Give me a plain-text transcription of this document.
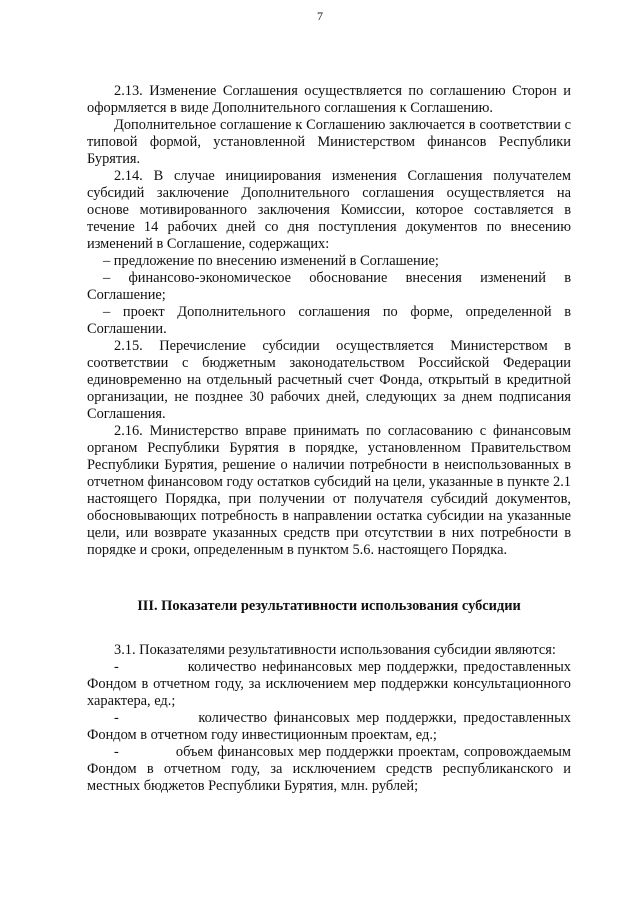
7

2.13. Изменение Соглашения осуществляется по соглашению Сторон и оформляется в виде Дополнительного соглашения к Соглашению.

Дополнительное соглашение к Соглашению заключается в соответствии с типовой формой, установленной Министерством финансов Республики Бурятия.

2.14. В случае инициирования изменения Соглашения получателем субсидий заключение Дополнительного соглашения осуществляется на основе мотивированного заключения Комиссии, которое составляется в течение 14 рабочих дней со дня поступления документов по внесению изменений в Соглашение, содержащих:

– предложение по внесению изменений в Соглашение;

– финансово-экономическое обоснование внесения изменений в Соглашение;

– проект Дополнительного соглашения по форме, определенной в Соглашении.

2.15. Перечисление субсидии осуществляется Министерством в соответствии с бюджетным законодательством Российской Федерации единовременно на отдельный расчетный счет Фонда, открытый в кредитной организации, не позднее 30 рабочих дней, следующих за днем подписания Соглашения.

2.16. Министерство вправе принимать по согласованию с финансовым органом Республики Бурятия в порядке, установленном Правительством Республики Бурятия, решение о наличии потребности в неиспользованных в отчетном финансовом году остатков субсидий на цели, указанные в пункте 2.1 настоящего Порядка, при получении от получателя субсидий документов, обосновывающих потребность в направлении остатка субсидии на указанные цели, или возврате указанных средств при отсутствии в них потребности в порядке и сроки, определенным в пунктом 5.6. настоящего Порядка.

III. Показатели результативности использования субсидии

3.1. Показателями результативности использования субсидии являются:

-            количество нефинансовых мер поддержки, предоставленных Фондом в отчетном году, за исключением мер поддержки консультационного характера, ед.;

-            количество финансовых мер поддержки, предоставленных Фондом в отчетном году инвестиционным проектам, ед.;

-            объем финансовых мер поддержки проектам, сопровождаемым Фондом в отчетном году, за исключением средств республиканского и местных бюджетов Республики Бурятия, млн. рублей;
